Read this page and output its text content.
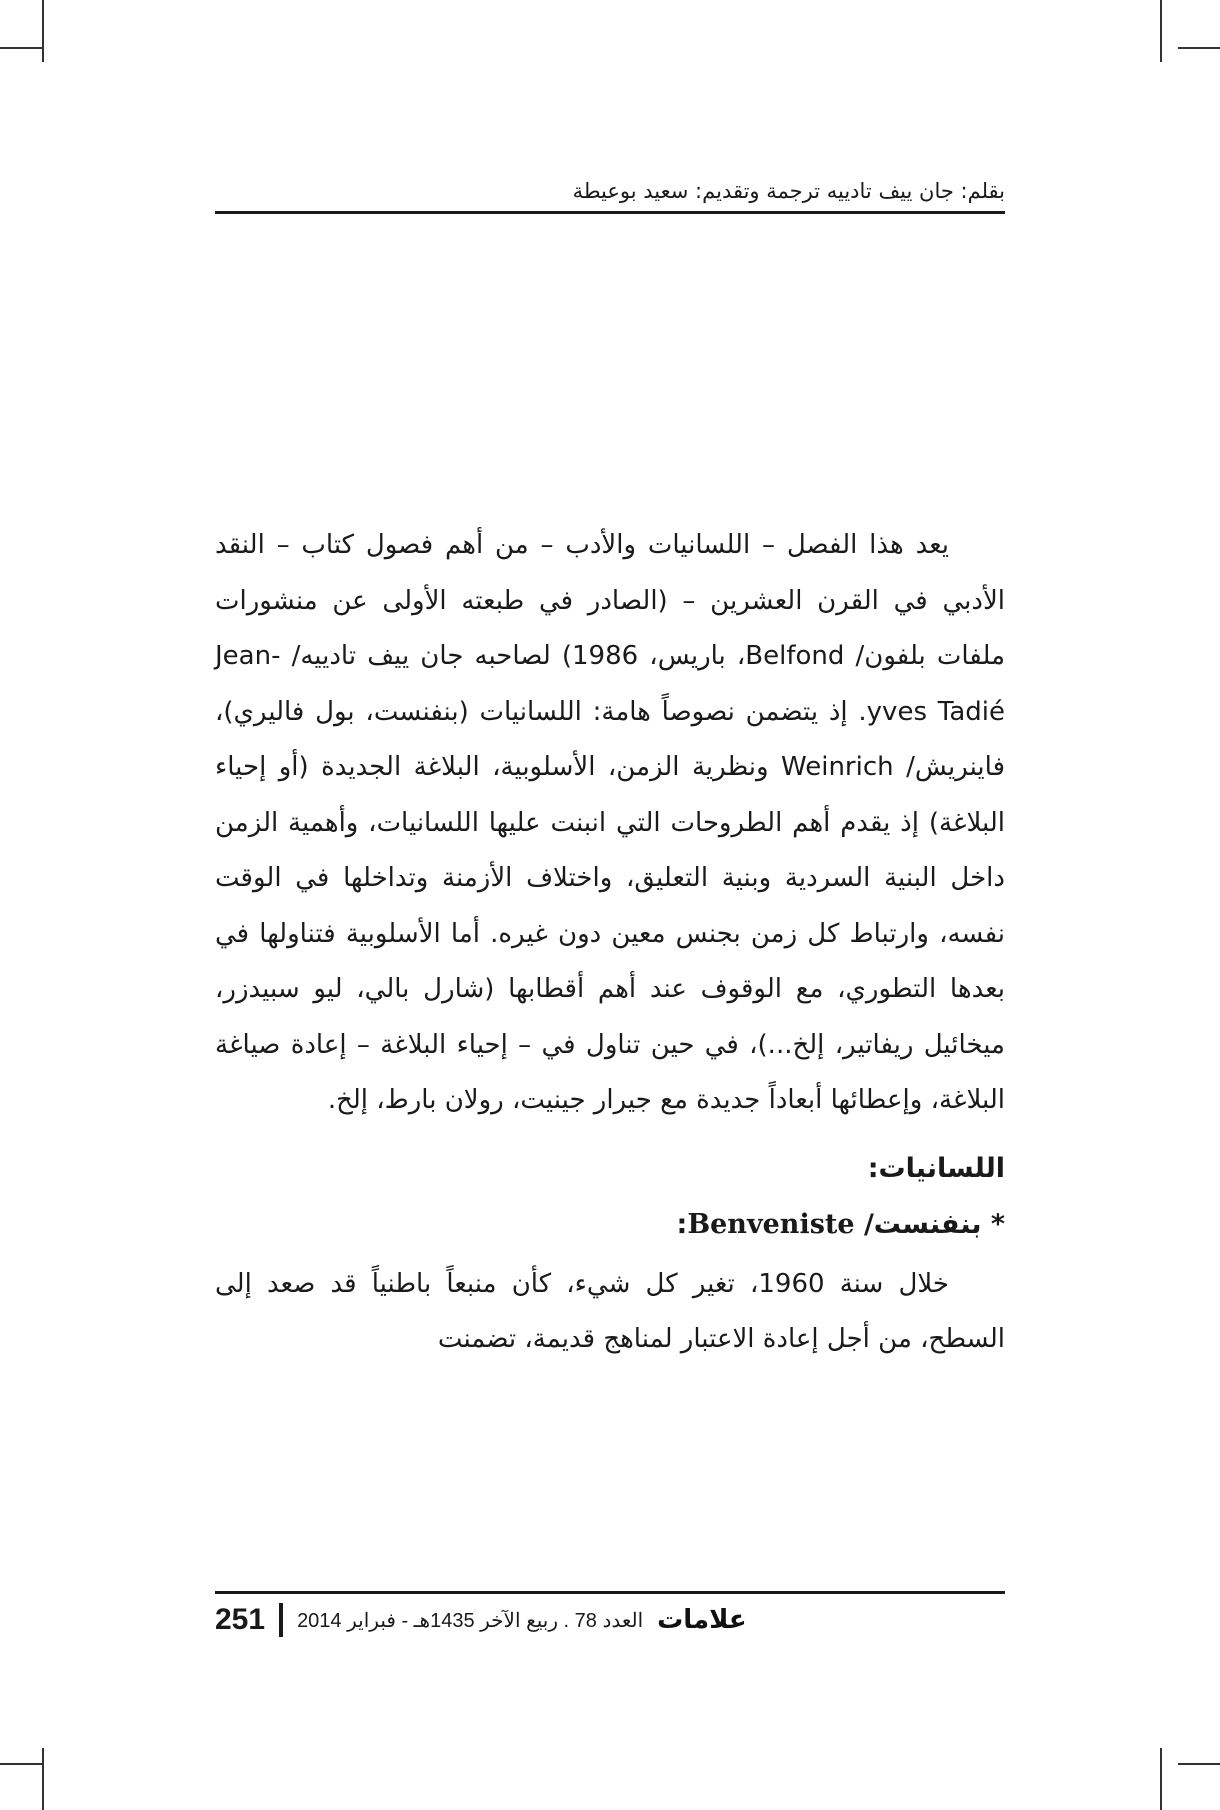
بقلم: جان ييف تادييه ترجمة وتقديم: سعيد بوعيطة

يعد هذا الفصل – اللسانيات والأدب – من أهم فصول كتاب – النقد الأدبي في القرن العشرين – (الصادر في طبعته الأولى عن منشورات ملفات بلفون/ Belfond، باريس، 1986) لصاحبه جان ييف تادييه/ Jean-yves Tadié. إذ يتضمن نصوصاً هامة: اللسانيات (بنفنست، بول فاليري)، فاينريش/ Weinrich ونظرية الزمن، الأسلوبية، البلاغة الجديدة (أو إحياء البلاغة) إذ يقدم أهم الطروحات التي انبنت عليها اللسانيات، وأهمية الزمن داخل البنية السردية وبنية التعليق، واختلاف الأزمنة وتداخلها في الوقت نفسه، وارتباط كل زمن بجنس معين دون غيره. أما الأسلوبية فتناولها في بعدها التطوري، مع الوقوف عند أهم أقطابها (شارل بالي، ليو سبيدزر، ميخائيل ريفاتير، إلخ...)، في حين تناول في – إحياء البلاغة – إعادة صياغة البلاغة، وإعطائها أبعاداً جديدة مع جيرار جينيت، رولان بارط، إلخ.

اللسانيات:
* بنفنست/ Benveniste:

خلال سنة 1960، تغير كل شيء، كأن منبعاً باطنياً قد صعد إلى السطح، من أجل إعادة الاعتبار لمناهج قديمة، تضمنت

251 العدد 78 . ربيع الآخر 1435هـ - فبراير 2014 علامات
